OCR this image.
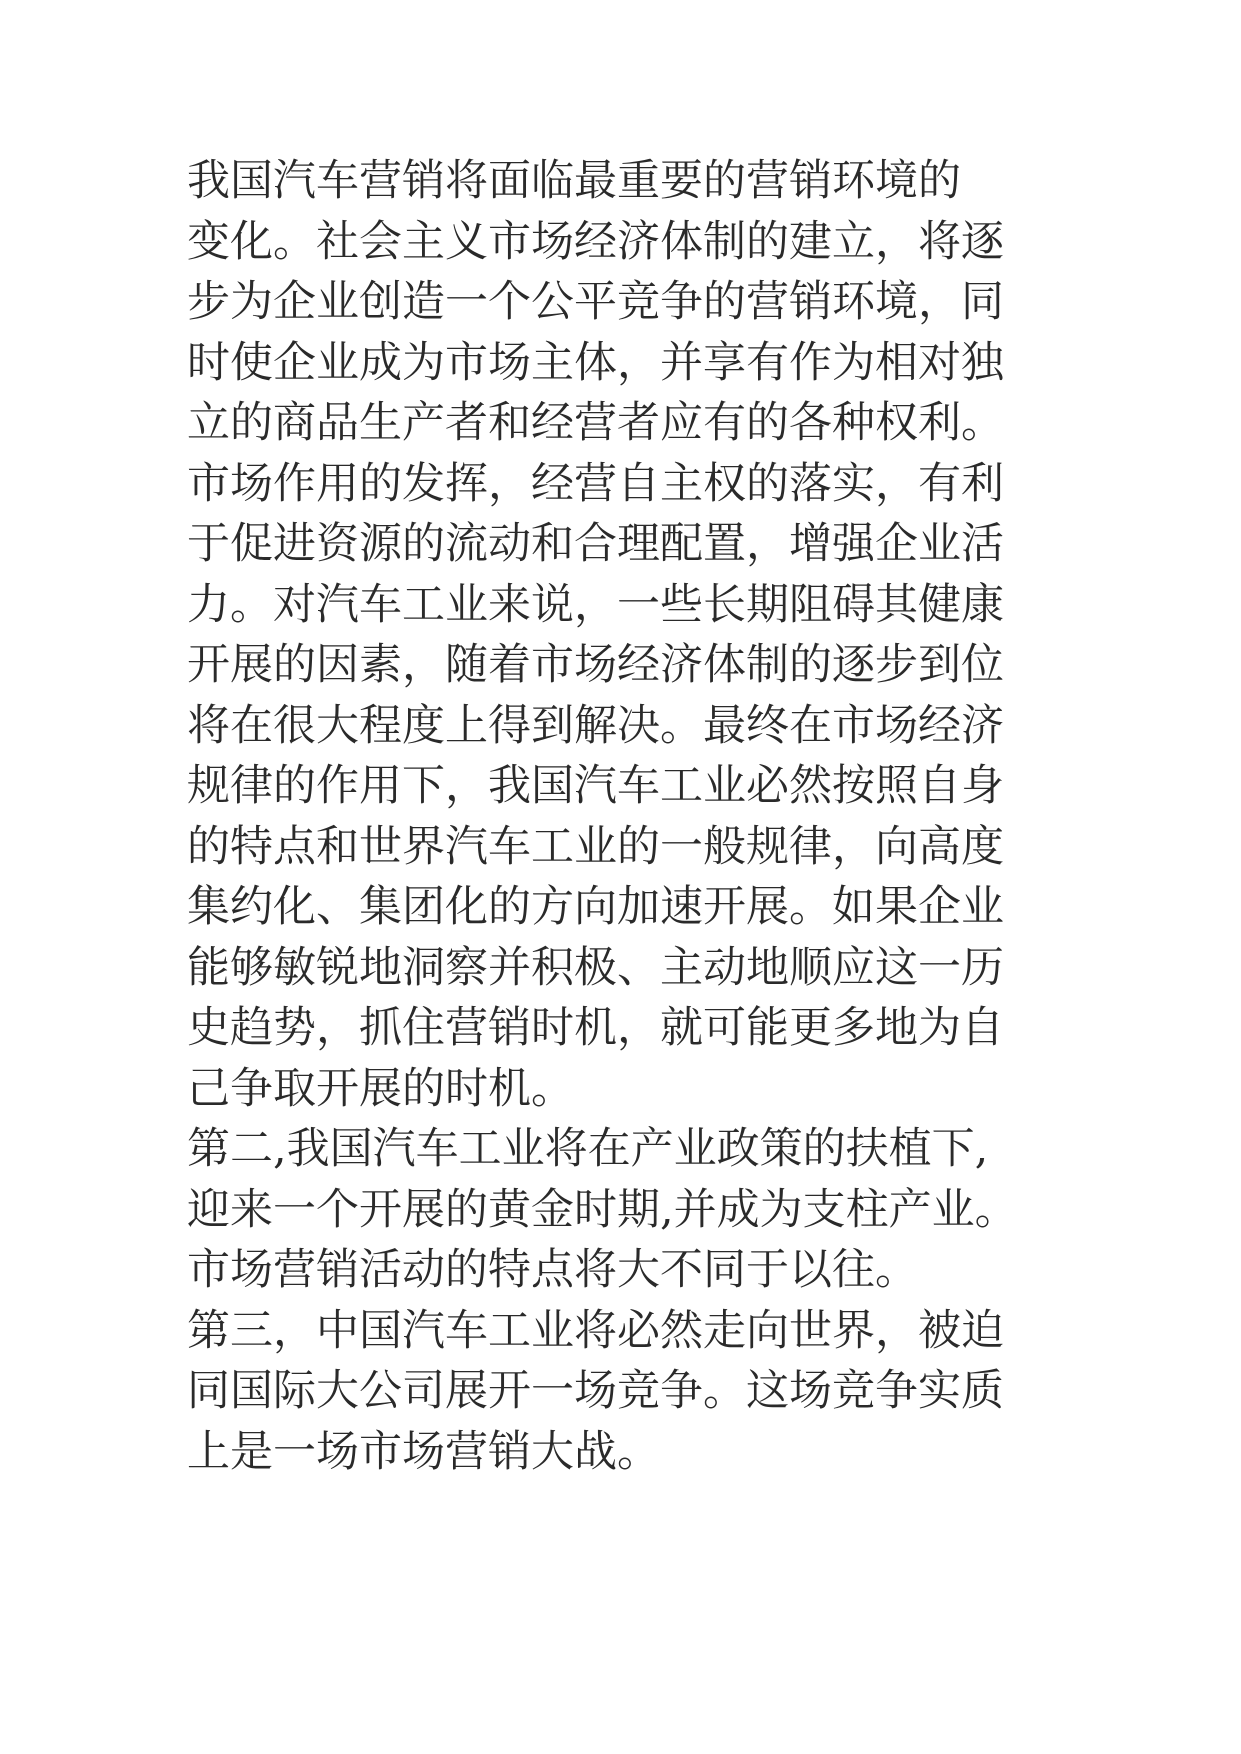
我国汽车营销将面临最重要的营销环境的
变化。社会主义市场经济体制的建立，将逐
步为企业创造一个公平竞争的营销环境，同
时使企业成为市场主体，并享有作为相对独
立的商品生产者和经营者应有的各种权利。
市场作用的发挥，经营自主权的落实，有利
于促进资源的流动和合理配置，增强企业活
力。对汽车工业来说，一些长期阻碍其健康
开展的因素，随着市场经济体制的逐步到位
将在很大程度上得到解决。最终在市场经济
规律的作用下，我国汽车工业必然按照自身
的特点和世界汽车工业的一般规律，向高度
集约化、集团化的方向加速开展。如果企业
能够敏锐地洞察并积极、主动地顺应这一历
史趋势，抓住营销时机，就可能更多地为自
己争取开展的时机。
第二,我国汽车工业将在产业政策的扶植下,
迎来一个开展的黄金时期,并成为支柱产业。
市场营销活动的特点将大不同于以往。
第三，中国汽车工业将必然走向世界，被迫
同国际大公司展开一场竞争。这场竞争实质
上是一场市场营销大战。
